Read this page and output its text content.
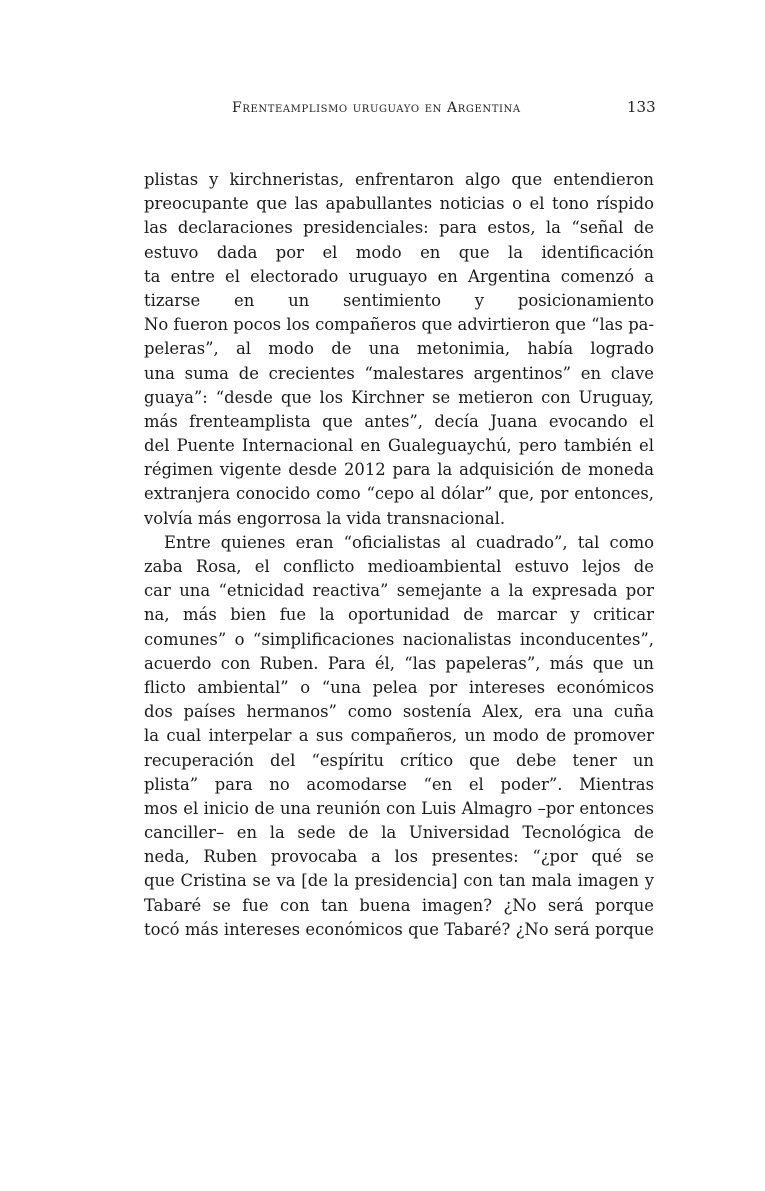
Frenteamplismo uruguayo en Argentina	133
plistas y kirchneristas, enfrentaron algo que entendieron
preocupante que las apabullantes noticias o el tono ríspido
las declaraciones presidenciales: para estos, la “señal de
estuvo dada por el modo en que la identificación
ta entre el electorado uruguayo en Argentina comenzó a
tizarse en un sentimiento y posicionamiento
No fueron pocos los compañeros que advirtieron que “las pa-
peleras”, al modo de una metonimia, había logrado
una suma de crecientes “malestares argentinos” en clave
guaya”: “desde que los Kirchner se metieron con Uruguay,
más frenteamplista que antes”, decía Juana evocando el
del Puente Internacional en Gualeguaychú, pero también el
régimen vigente desde 2012 para la adquisición de moneda
extranjera conocido como “cepo al dólar” que, por entonces,
volvía más engorrosa la vida transnacional.
Entre quienes eran “oficialistas al cuadrado”, tal como
zaba Rosa, el conflicto medioambiental estuvo lejos de
car una “etnicidad reactiva” semejante a la expresada por
na, más bien fue la oportunidad de marcar y criticar
comunes” o “simplificaciones nacionalistas inconducentes”,
acuerdo con Ruben. Para él, “las papeleras”, más que un
flicto ambiental” o “una pelea por intereses económicos
dos países hermanos” como sostenía Alex, era una cuña
la cual interpelar a sus compañeros, un modo de promover
recuperación del “espíritu crítico que debe tener un
plista” para no acomodarse “en el poder”. Mientras
mos el inicio de una reunión con Luis Almagro –por entonces
canciller– en la sede de la Universidad Tecnológica de
neda, Ruben provocaba a los presentes: “¿por qué se
que Cristina se va [de la presidencia] con tan mala imagen y
Tabaré se fue con tan buena imagen? ¿No será porque
tocó más intereses económicos que Tabaré? ¿No será porque
